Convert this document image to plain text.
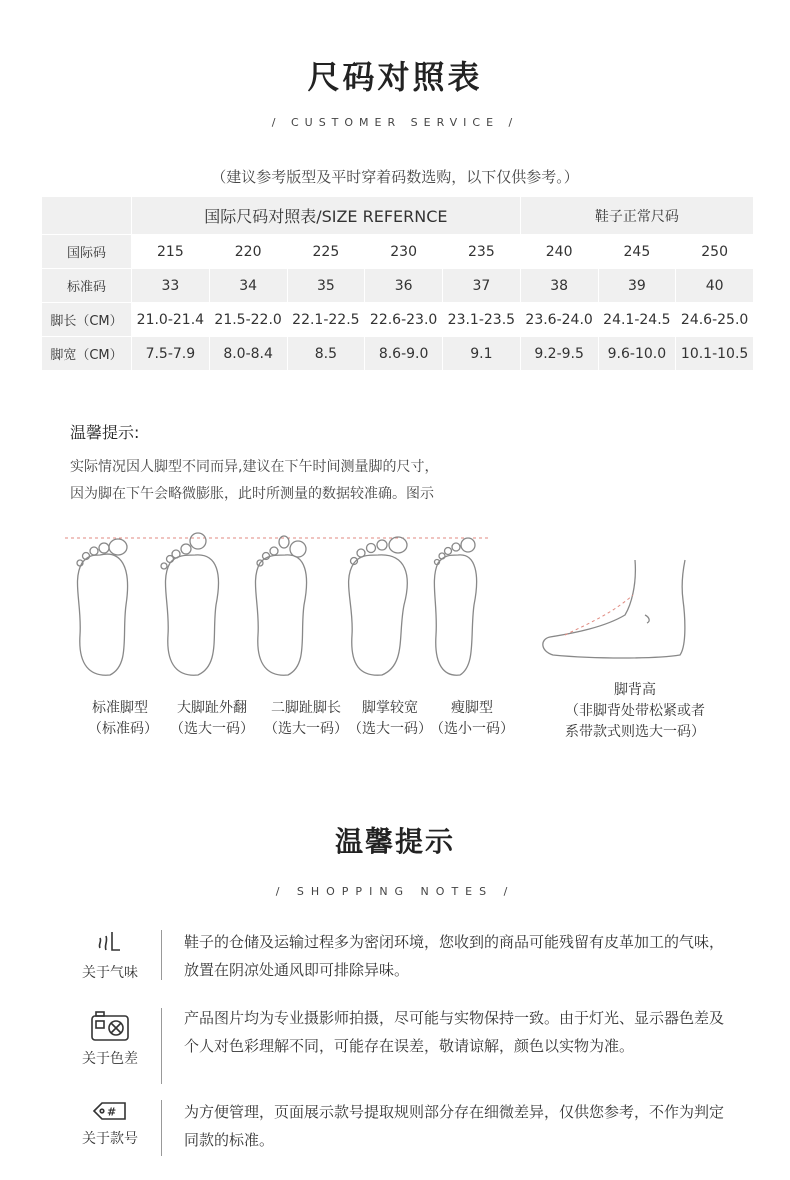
尺码对照表
/ CUSTOMER SERVICE /
（建议参考版型及平时穿着码数选购，以下仅供参考。）
	国际尺码对照表/SIZE REFERNCE					鞋子正常尺码		
国际码	215	220	225	230	235	240	245	250
标准码	33	34	35	36	37	38	39	40
脚长（CM）	21.0-21.4	21.5-22.0	22.1-22.5	22.6-23.0	23.1-23.5	23.6-24.0	24.1-24.5	24.6-25.0
脚宽（CM）	7.5-7.9	8.0-8.4	8.5	8.6-9.0	9.1	9.2-9.5	9.6-10.0	10.1-10.5
温馨提示:
实际情况因人脚型不同而异,建议在下午时间测量脚的尺寸，
因为脚在下午会略微膨胀，此时所测量的数据较准确。图示
标准脚型
（标准码）
大脚趾外翻
（选大一码）
二脚趾脚长
（选大一码）
脚掌较宽
（选大一码）
瘦脚型
（选小一码）
脚背高
（非脚背处带松紧或者
系带款式则选大一码）
温馨提示
/ SHOPPING NOTES /
关于气味
鞋子的仓储及运输过程多为密闭环境，您收到的商品可能残留有皮革加工的气味，放置在阴凉处通风即可排除异味。
关于色差
产品图片均为专业摄影师拍摄，尽可能与实物保持一致。由于灯光、显示器色差及个人对色彩理解不同，可能存在误差，敬请谅解，颜色以实物为准。
#
关于款号
为方便管理，页面展示款号提取规则部分存在细微差异，仅供您参考，不作为判定同款的标准。
